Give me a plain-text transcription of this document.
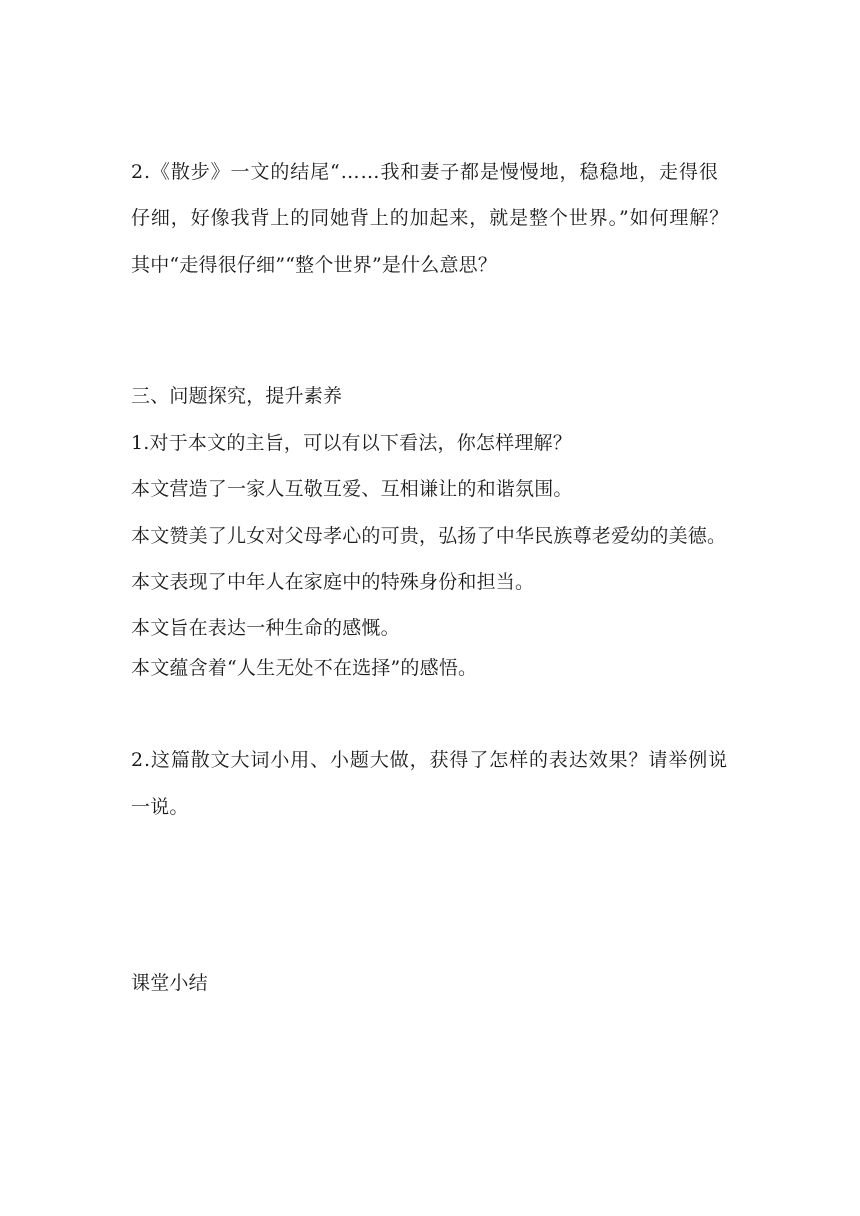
2.《散步》一文的结尾“……我和妻子都是慢慢地，稳稳地，走得很
仔细，好像我背上的同她背上的加起来，就是整个世界。”如何理解？
其中“走得很仔细”“整个世界”是什么意思？
三、问题探究，提升素养
1.对于本文的主旨，可以有以下看法，你怎样理解？
本文营造了一家人互敬互爱、互相谦让的和谐氛围。
本文赞美了儿女对父母孝心的可贵，弘扬了中华民族尊老爱幼的美德。
本文表现了中年人在家庭中的特殊身份和担当。
本文旨在表达一种生命的感慨。
本文蕴含着“人生无处不在选择”的感悟。
2.这篇散文大词小用、小题大做，获得了怎样的表达效果？请举例说
一说。
课堂小结
